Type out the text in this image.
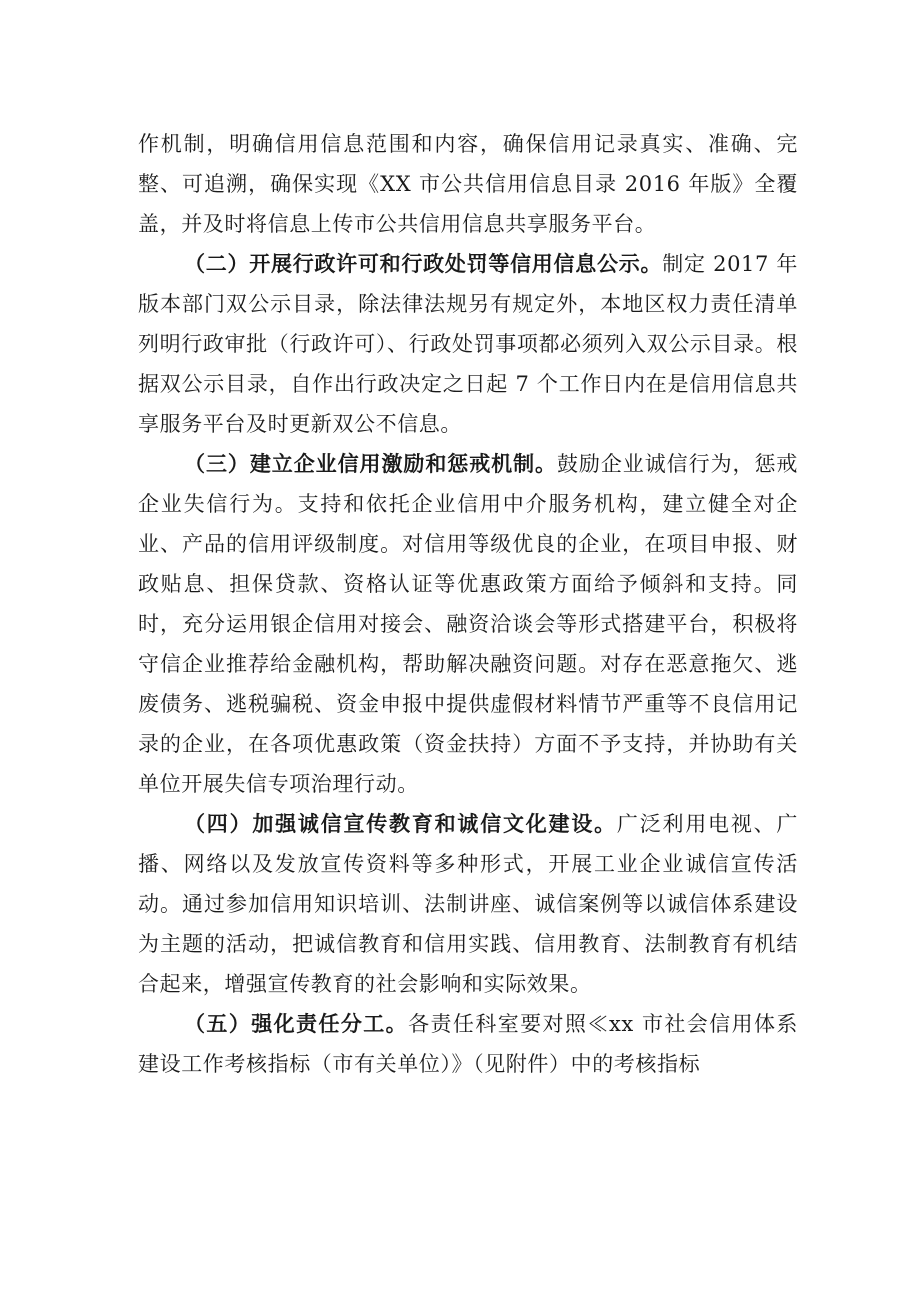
作机制，明确信用信息范围和内容，确保信用记录真实、准确、完整、可追溯，确保实现《XX 市公共信用信息目录 2016 年版》全覆盖，并及时将信息上传市公共信用信息共享服务平台。

（二）开展行政许可和行政处罚等信用信息公示。制定 2017 年版本部门双公示目录，除法律法规另有规定外，本地区权力责任清单列明行政审批（行政许可）、行政处罚事项都必须列入双公示目录。根据双公示目录，自作出行政决定之日起 7 个工作日内在是信用信息共享服务平台及时更新双公不信息。

（三）建立企业信用激励和惩戒机制。鼓励企业诚信行为，惩戒企业失信行为。支持和依托企业信用中介服务机构，建立健全对企业、产品的信用评级制度。对信用等级优良的企业，在项目申报、财政贴息、担保贷款、资格认证等优惠政策方面给予倾斜和支持。同时，充分运用银企信用对接会、融资洽谈会等形式搭建平台，积极将守信企业推荐给金融机构，帮助解决融资问题。对存在恶意拖欠、逃废债务、逃税骗税、资金申报中提供虚假材料情节严重等不良信用记录的企业，在各项优惠政策（资金扶持）方面不予支持，并协助有关单位开展失信专项治理行动。

（四）加强诚信宣传教育和诚信文化建设。广泛利用电视、广播、网络以及发放宣传资料等多种形式，开展工业企业诚信宣传活动。通过参加信用知识培训、法制讲座、诚信案例等以诚信体系建设为主题的活动，把诚信教育和信用实践、信用教育、法制教育有机结合起来，增强宣传教育的社会影响和实际效果。

（五）强化责任分工。各责任科室要对照≪xx 市社会信用体系建设工作考核指标（市有关单位）》（见附件）中的考核指标
